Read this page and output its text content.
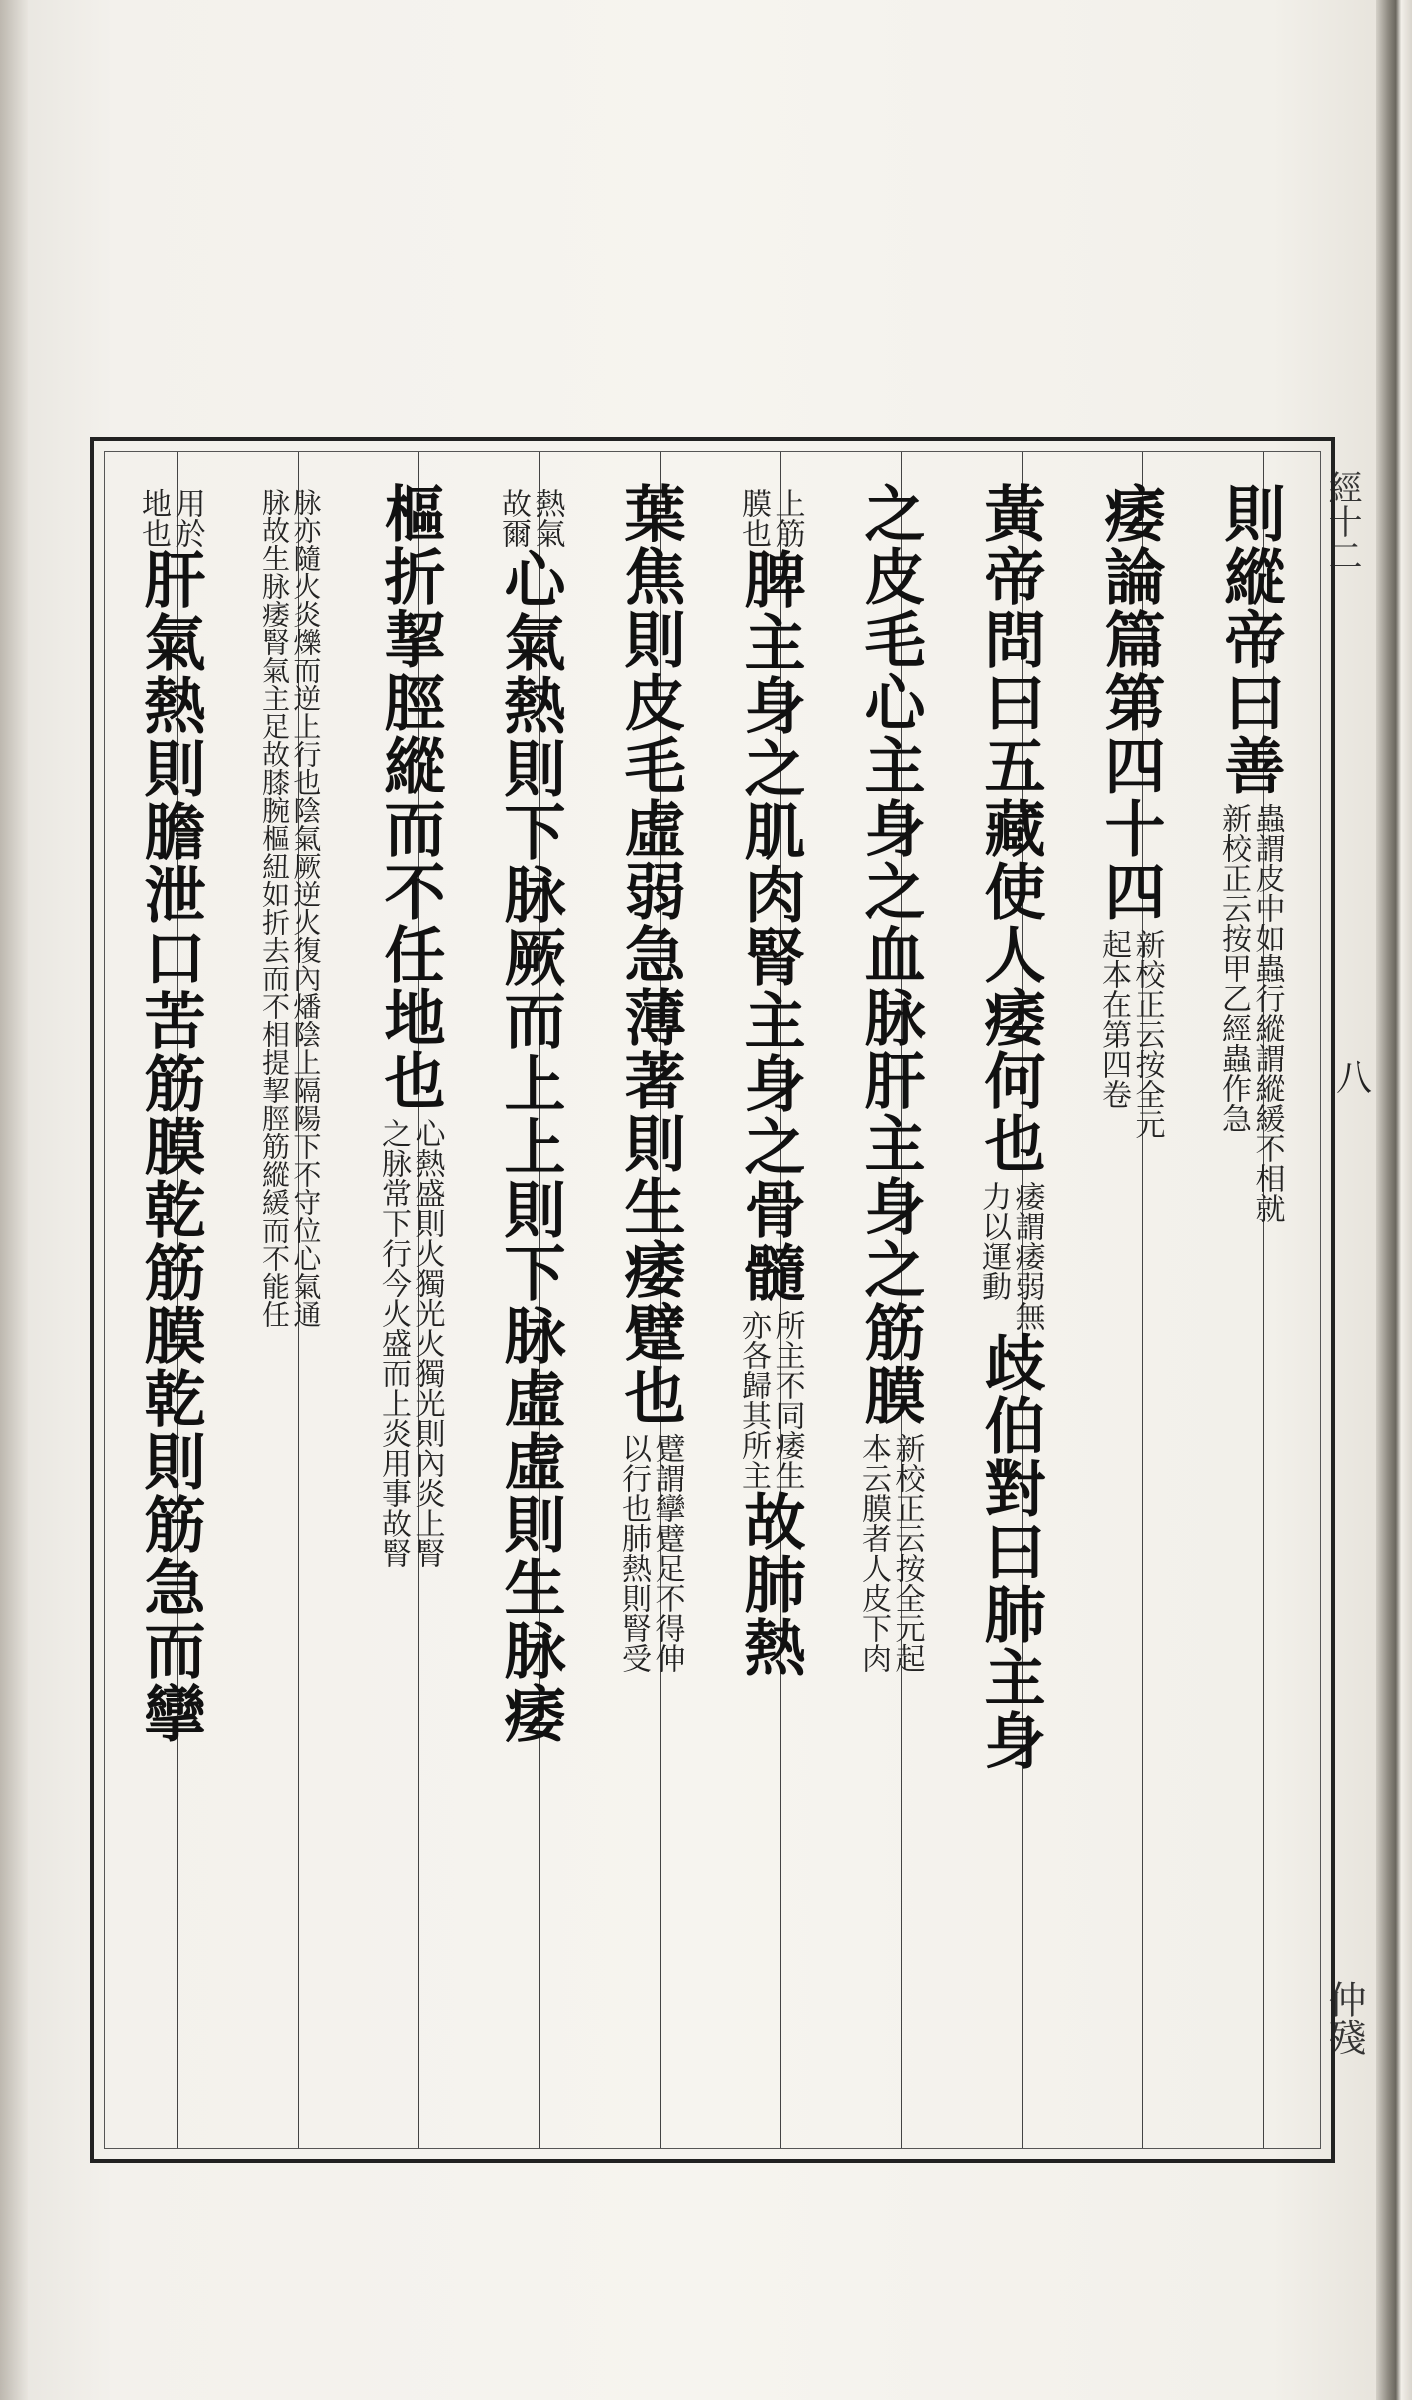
經十二
八
仲殘
則縱帝曰善
新校正云按甲乙經蟲作急
蟲謂皮中如蟲行縱謂縱緩不相就
痿論篇第四十四
起本在第四卷
新校正云按全元
黃帝問曰五藏使人痿何也
力以運動
痿謂痿弱無
歧伯對曰肺主身
之皮毛心主身之血脉肝主身之筋膜
本云膜者人皮下肉
新校正云按全元起
膜也
上筋
脾主身之肌肉腎主身之骨髓
亦各歸其所主
所主不同痿生
故肺熱
葉焦則皮毛虛弱急薄著則生痿躄也
以行也肺熱則腎受
躄謂攣躄足不得伸
故爾
熱氣
心氣熱則下脉厥而上上則下脉虛虛則生脉痿
樞折挈脛縱而不任地也
之脉常下行今火盛而上炎用事故腎
心熱盛則火獨光火獨光則內炎上腎
脉故生脉痿腎氣主足故膝腕樞紐如折去而不相提挈脛筋縱緩而不能任
脉亦隨火炎爍而逆上行也陰氣厥逆火復內燔陰上隔陽下不守位心氣通
地也
用於
肝氣熱則膽泄口苦筋膜乾筋膜乾則筋急而攣
